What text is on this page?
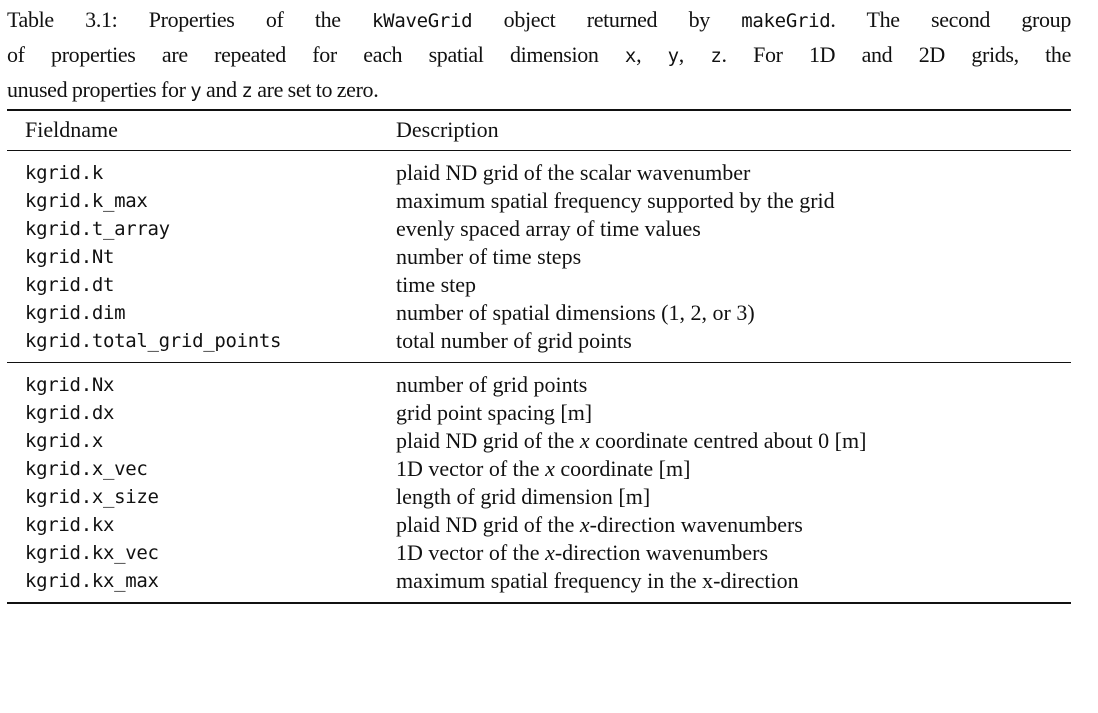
Table 3.1: Properties of the kWaveGrid object returned by makeGrid. The second group
of properties are repeated for each spatial dimension x, y, z. For 1D and 2D grids, the
unused properties for y and z are set to zero.

Fieldname	Description
kgrid.k	plaid ND grid of the scalar wavenumber
kgrid.k_max	maximum spatial frequency supported by the grid
kgrid.t_array	evenly spaced array of time values
kgrid.Nt	number of time steps
kgrid.dt	time step
kgrid.dim	number of spatial dimensions (1, 2, or 3)
kgrid.total_grid_points	total number of grid points
kgrid.Nx	number of grid points
kgrid.dx	grid point spacing [m]
kgrid.x	plaid ND grid of the x coordinate centred about 0 [m]
kgrid.x_vec	1D vector of the x coordinate [m]
kgrid.x_size	length of grid dimension [m]
kgrid.kx	plaid ND grid of the x-direction wavenumbers
kgrid.kx_vec	1D vector of the x-direction wavenumbers
kgrid.kx_max	maximum spatial frequency in the x-direction
